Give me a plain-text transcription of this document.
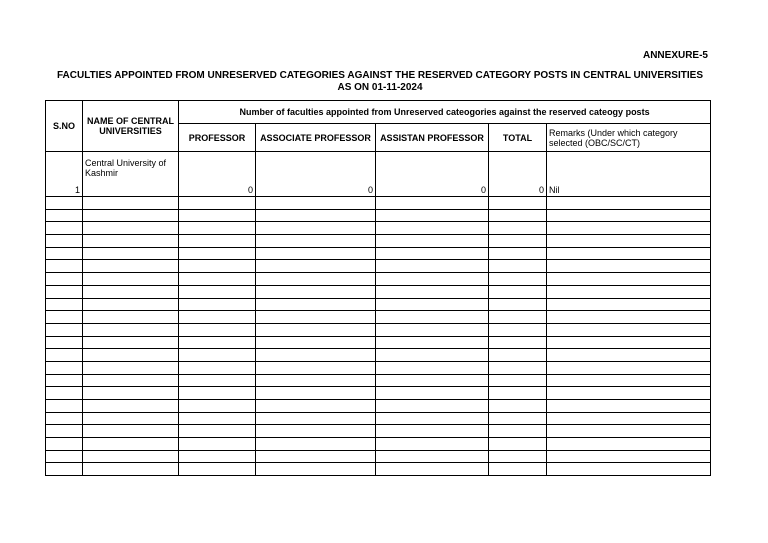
ANNEXURE-5
FACULTIES APPOINTED FROM UNRESERVED CATEGORIES AGAINST THE RESERVED CATEGORY POSTS IN CENTRAL UNIVERSITIES AS ON 01-11-2024
S.NO	NAME OF CENTRAL UNIVERSITIES	Number of faculties appointed from Unreserved cateogories against the reserved cateogy posts				
		PROFESSOR	ASSOCIATE PROFESSOR	ASSISTAN PROFESSOR	TOTAL	Remarks (Under which category selected (OBC/SC/CT)
1	Central University of Kashmir	0	0	0	0	Nil
